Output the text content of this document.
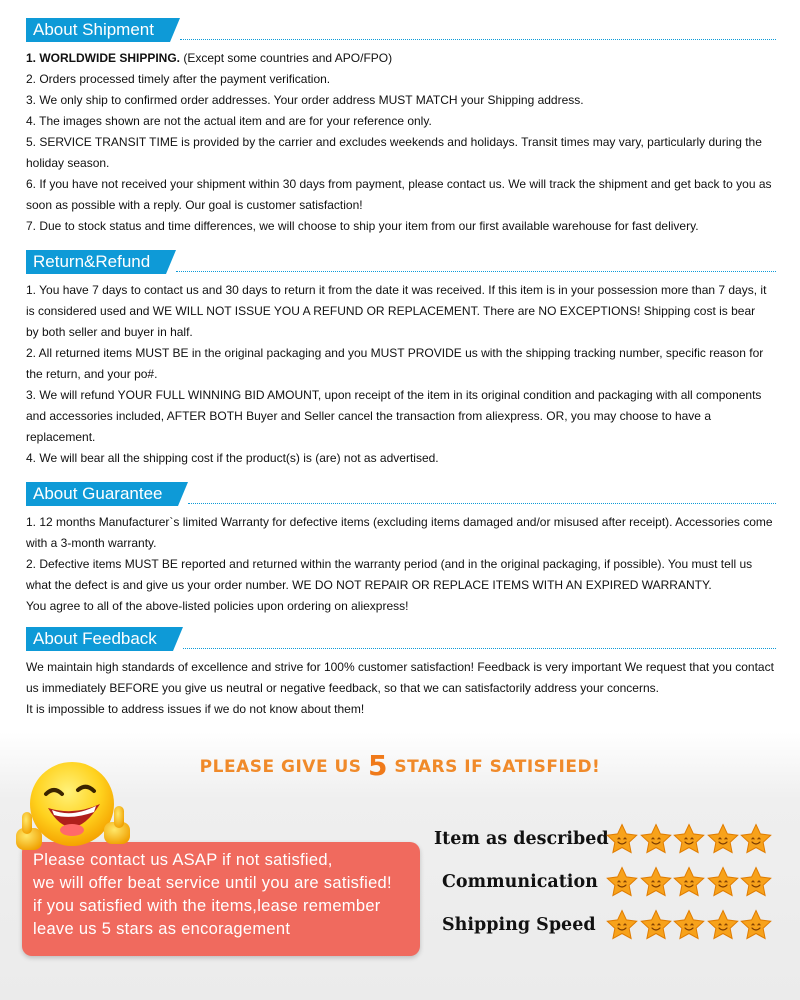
About Shipment

1. WORLDWIDE SHIPPING. (Except some countries and APO/FPO)

2. Orders processed timely after the payment verification.

3. We only ship to confirmed order addresses. Your order address MUST MATCH your Shipping address.

4. The images shown are not the actual item and are for your reference only.

5. SERVICE TRANSIT TIME is provided by the carrier and excludes weekends and holidays. Transit times may vary, particularly during the

holiday season.

6. If you have not received your shipment within 30 days from payment, please contact us. We will track the shipment and get back to you as

soon as possible with a reply. Our goal is customer satisfaction!

7. Due to stock status and time differences, we will choose to ship your item from our first available warehouse for fast delivery.

Return&Refund

1. You have 7 days to contact us and 30 days to return it from the date it was received. If this item is in your possession more than 7 days, it

is considered used and WE WILL NOT ISSUE YOU A REFUND OR REPLACEMENT. There are NO EXCEPTIONS! Shipping cost is bear

by both seller and buyer in half.

2. All returned items MUST BE in the original packaging and you MUST PROVIDE us with the shipping tracking number, specific reason for

the return, and your po#.

3. We will refund YOUR FULL WINNING BID AMOUNT, upon receipt of the item in its original condition and packaging with all components

and accessories included, AFTER BOTH Buyer and Seller cancel the transaction from aliexpress. OR, you may choose to have a

replacement.

4. We will bear all the shipping cost if the product(s) is (are) not as advertised.

About Guarantee

1. 12 months Manufacturer`s limited Warranty for defective items (excluding items damaged and/or misused after receipt). Accessories come

with a 3-month warranty.

2. Defective items MUST BE reported and returned within the warranty period (and in the original packaging, if possible). You must tell us

what the defect is and give us your order number. WE DO NOT REPAIR OR REPLACE ITEMS WITH AN EXPIRED WARRANTY.

You agree to all of the above-listed policies upon ordering on aliexpress!

About Feedback

We maintain high standards of excellence and strive for 100% customer satisfaction! Feedback is very important We request that you contact

us immediately BEFORE you give us neutral or negative feedback, so that we can satisfactorily address your concerns.

It is impossible to address issues if we do not know about them!

PLEASE GIVE US 5 STARS IF SATISFIED!

Please contact us ASAP if not satisfied,

we will offer beat service until you are satisfied!

if you satisfied with the items,lease remember

leave us 5 stars as encoragement

Item as described
Communication
Shipping Speed
